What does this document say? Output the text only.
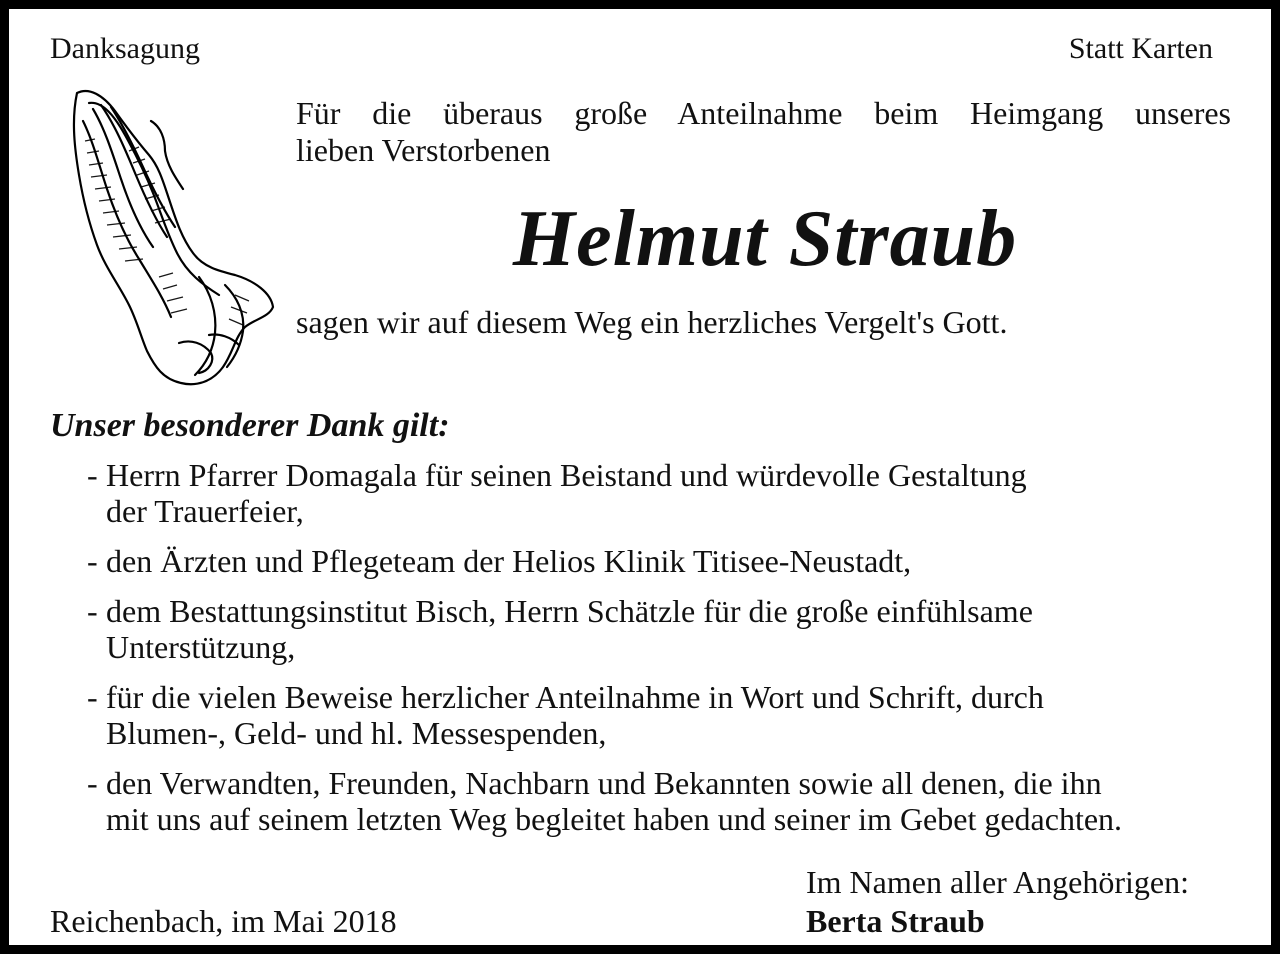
Danksagung	Statt Karten
Für die überaus große Anteilnahme beim Heimgang unseres
lieben Verstorbenen
Helmut Straub
sagen wir auf diesem Weg ein herzliches Vergelt's Gott.
Unser besonderer Dank gilt:
- Herrn Pfarrer Domagala für seinen Beistand und würdevolle Gestaltung
der Trauerfeier,
- den Ärzten und Pflegeteam der Helios Klinik Titisee-Neustadt,
- dem Bestattungsinstitut Bisch, Herrn Schätzle für die große einfühlsame
Unterstützung,
- für die vielen Beweise herzlicher Anteilnahme in Wort und Schrift, durch
Blumen-, Geld- und hl. Messespenden,
- den Verwandten, Freunden, Nachbarn und Bekannten sowie all denen, die ihn
mit uns auf seinem letzten Weg begleitet haben und seiner im Gebet gedachten.
Im Namen aller Angehörigen:
Reichenbach, im Mai 2018	Berta Straub
